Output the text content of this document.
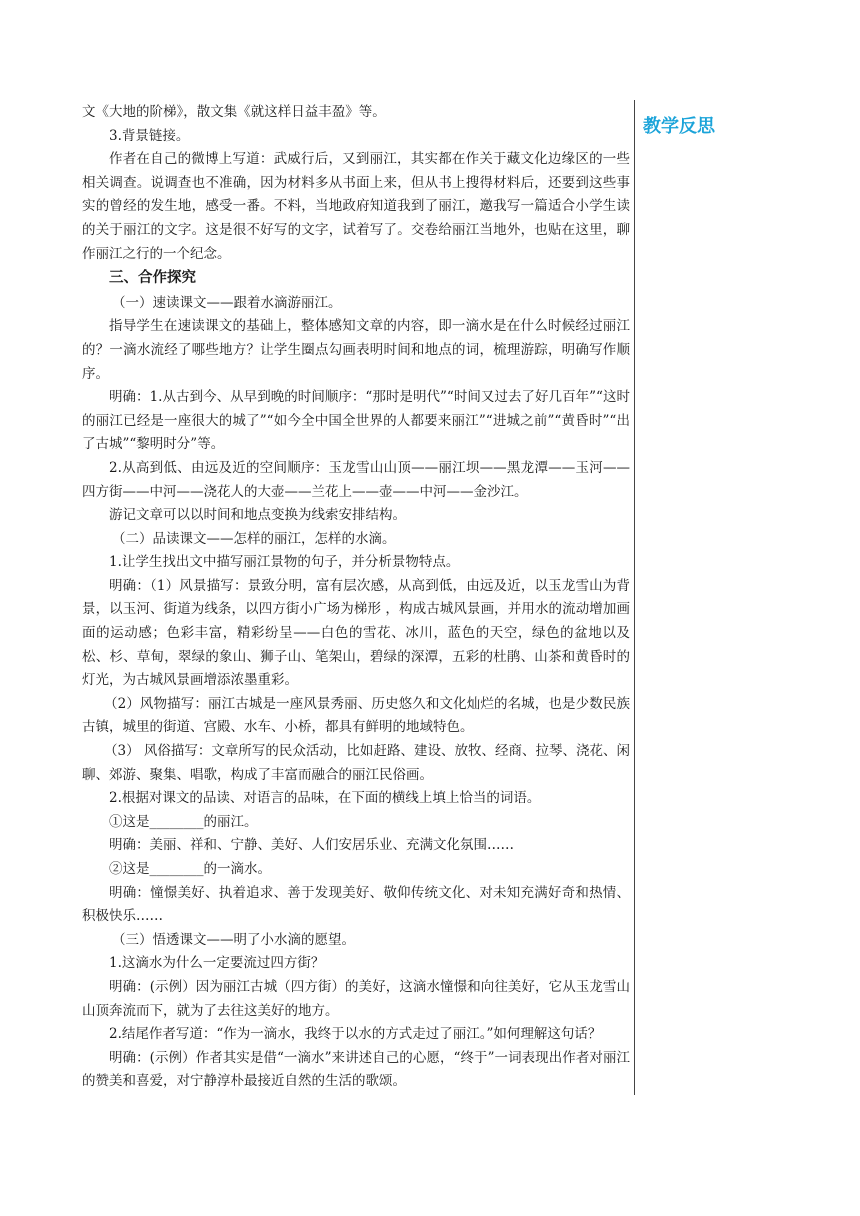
文《大地的阶梯》，散文集《就这样日益丰盈》等。

3.背景链接。

作者在自己的微博上写道：武威行后，又到丽江，其实都在作关于藏文化边缘区的一些相关调查。说调查也不准确，因为材料多从书面上来，但从书上搜得材料后，还要到这些事实的曾经的发生地，感受一番。不料，当地政府知道我到了丽江，邀我写一篇适合小学生读的关于丽江的文字。这是很不好写的文字，试着写了。交卷给丽江当地外，也贴在这里，聊作丽江之行的一个纪念。

三、合作探究

（一）速读课文——跟着水滴游丽江。

指导学生在速读课文的基础上，整体感知文章的内容，即一滴水是在什么时候经过丽江的？一滴水流经了哪些地方？让学生圈点勾画表明时间和地点的词，梳理游踪，明确写作顺序。

明确：1.从古到今、从早到晚的时间顺序：“那时是明代”“时间又过去了好几百年”“这时的丽江已经是一座很大的城了”“如今全中国全世界的人都要来丽江”“进城之前”“黄昏时”“出了古城”“黎明时分”等。

2.从高到低、由远及近的空间顺序：玉龙雪山山顶——丽江坝——黑龙潭——玉河——四方街——中河——浇花人的大壶——兰花上——壶——中河——金沙江。

游记文章可以以时间和地点变换为线索安排结构。

（二）品读课文——怎样的丽江，怎样的水滴。

1.让学生找出文中描写丽江景物的句子，并分析景物特点。

明确：（1）风景描写：景致分明，富有层次感，从高到低，由远及近，以玉龙雪山为背景，以玉河、街道为线条，以四方街小广场为梯形 ，构成古城风景画，并用水的流动增加画面的运动感；色彩丰富，精彩纷呈——白色的雪花、冰川，蓝色的天空，绿色的盆地以及松、杉、草甸，翠绿的象山、狮子山、笔架山，碧绿的深潭，五彩的杜鹃、山茶和黄昏时的灯光，为古城风景画增添浓墨重彩。

（2）风物描写：丽江古城是一座风景秀丽、历史悠久和文化灿烂的名城，也是少数民族古镇，城里的街道、宫殿、水车、小桥，都具有鲜明的地域特色。

（3） 风俗描写：文章所写的民众活动，比如赶路、建设、放牧、经商、拉琴、浇花、闲聊、郊游、聚集、唱歌，构成了丰富而融合的丽江民俗画。

2.根据对课文的品读、对语言的品味，在下面的横线上填上恰当的词语。

①这是________的丽江。

明确：美丽、祥和、宁静、美好、人们安居乐业、充满文化氛围……

②这是________的一滴水。

明确：憧憬美好、执着追求、善于发现美好、敬仰传统文化、对未知充满好奇和热情、积极快乐……

（三）悟透课文——明了小水滴的愿望。

1.这滴水为什么一定要流过四方街？

明确：(示例）因为丽江古城（四方街）的美好，这滴水憧憬和向往美好，它从玉龙雪山山顶奔流而下，就为了去往这美好的地方。

2.结尾作者写道：“作为一滴水，我终于以水的方式走过了丽江。”如何理解这句话？

明确：(示例）作者其实是借“一滴水”来讲述自己的心愿，“终于”一词表现出作者对丽江的赞美和喜爱，对宁静淳朴最接近自然的生活的歌颂。

教学反思
